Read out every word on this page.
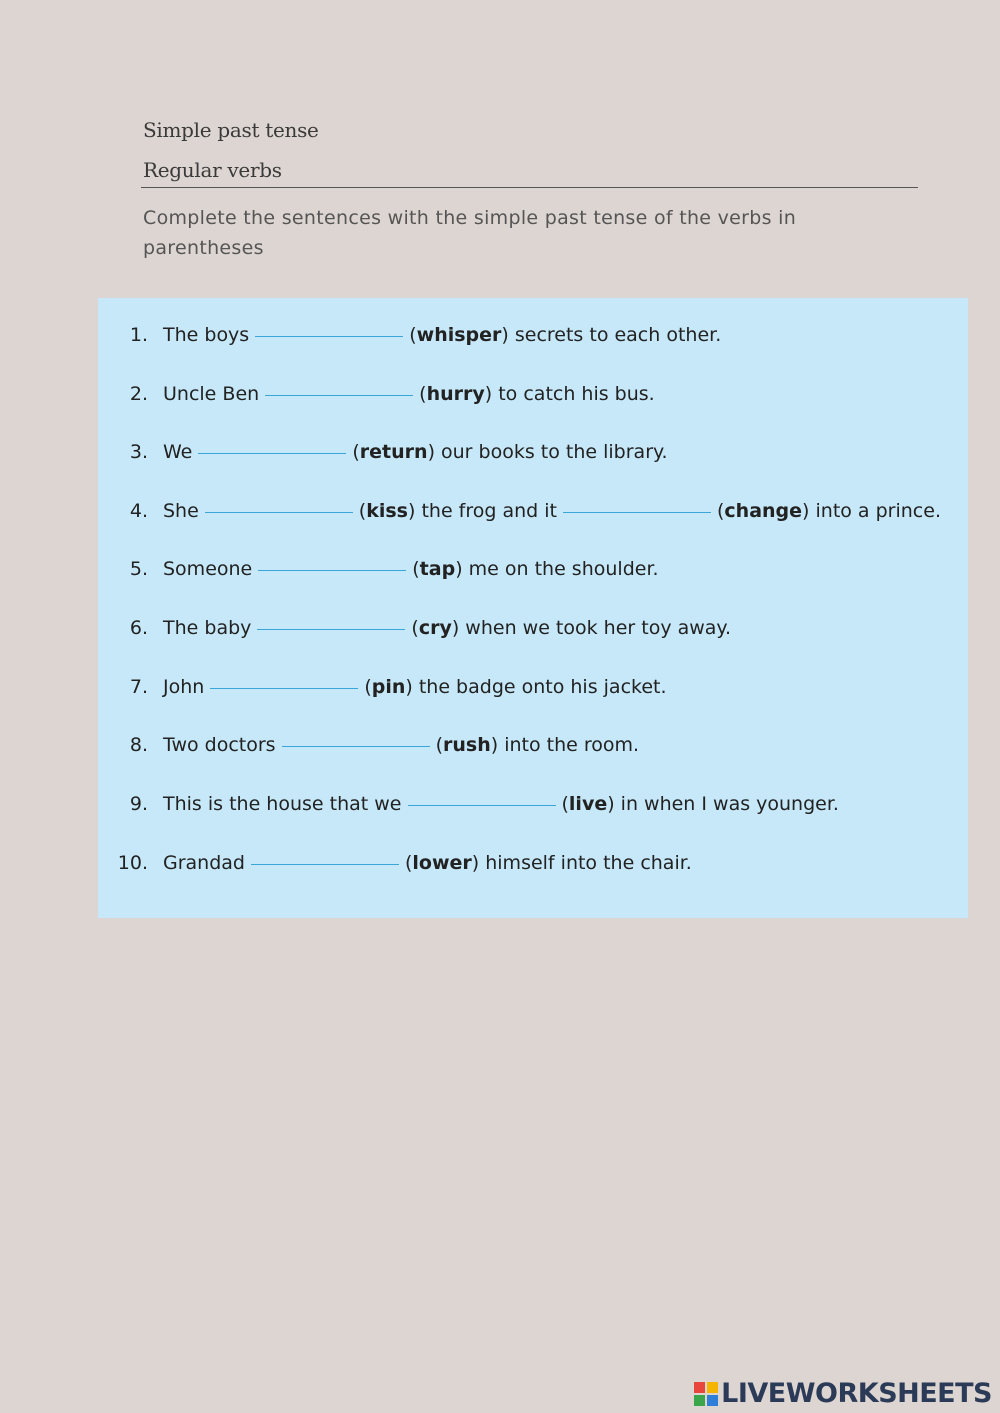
Simple past tense
Regular verbs
Complete the sentences with the simple past tense of the verbs in parentheses
1. The boys	( whisper ) secrets to each other.
2. Uncle Ben	( hurry ) to catch his bus.
3. We	( return ) our books to the library.
4. She	( kiss ) the frog and it	( change ) into a prince.
5. Someone	( tap ) me on the shoulder.
6. The baby	( cry ) when we took her toy away.
7. John	( pin ) the badge onto his jacket.
8. Two doctors	( rush ) into the room.
9. This is the house that we	( live ) in when I was younger.
10. Grandad	( lower ) himself into the chair.
LIVEWORKSHEETS
